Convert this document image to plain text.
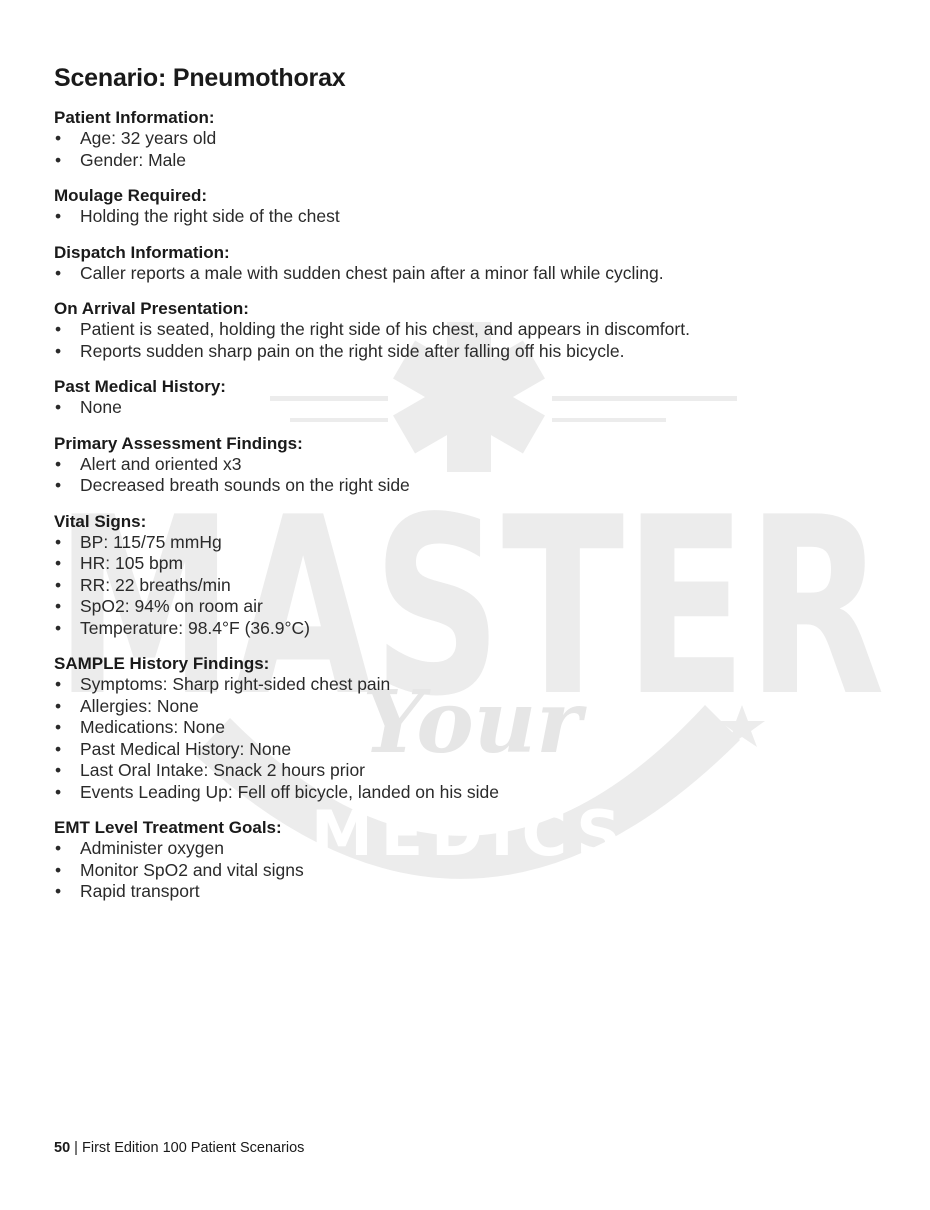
MASTER
Your
MEDICS
Scenario: Pneumothorax
Patient Information:
• Age: 32 years old
• Gender: Male
Moulage Required:
• Holding the right side of the chest
Dispatch Information:
• Caller reports a male with sudden chest pain after a minor fall while cycling.
On Arrival Presentation:
• Patient is seated, holding the right side of his chest, and appears in discomfort.
• Reports sudden sharp pain on the right side after falling off his bicycle.
Past Medical History:
• None
Primary Assessment Findings:
• Alert and oriented x3
• Decreased breath sounds on the right side
Vital Signs:
• BP: 115/75 mmHg
• HR: 105 bpm
• RR: 22 breaths/min
• SpO2: 94% on room air
• Temperature: 98.4°F (36.9°C)
SAMPLE History Findings:
• Symptoms: Sharp right-sided chest pain
• Allergies: None
• Medications: None
• Past Medical History: None
• Last Oral Intake: Snack 2 hours prior
• Events Leading Up: Fell off bicycle, landed on his side
EMT Level Treatment Goals:
• Administer oxygen
• Monitor SpO2 and vital signs
• Rapid transport
50 | First Edition 100 Patient Scenarios
